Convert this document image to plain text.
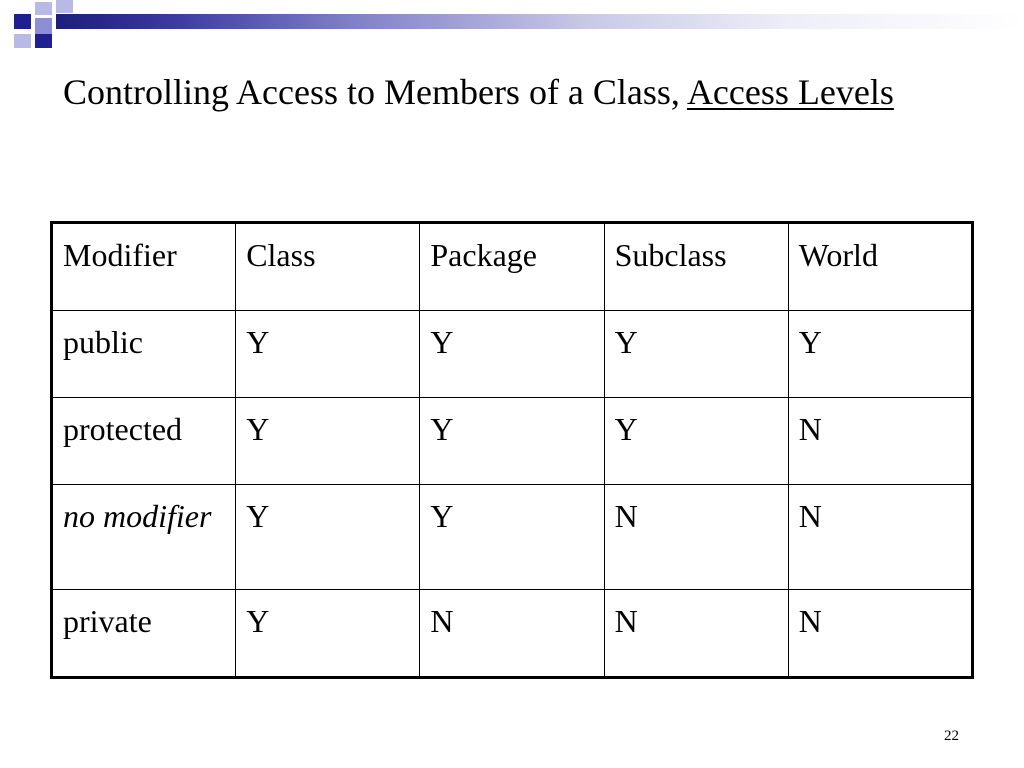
Controlling Access to Members of a Class, Access Levels
Modifier	Class	Package	Subclass	World
public	Y	Y	Y	Y
protected	Y	Y	Y	N
no modifier	Y	Y	N	N
private	Y	N	N	N
22
